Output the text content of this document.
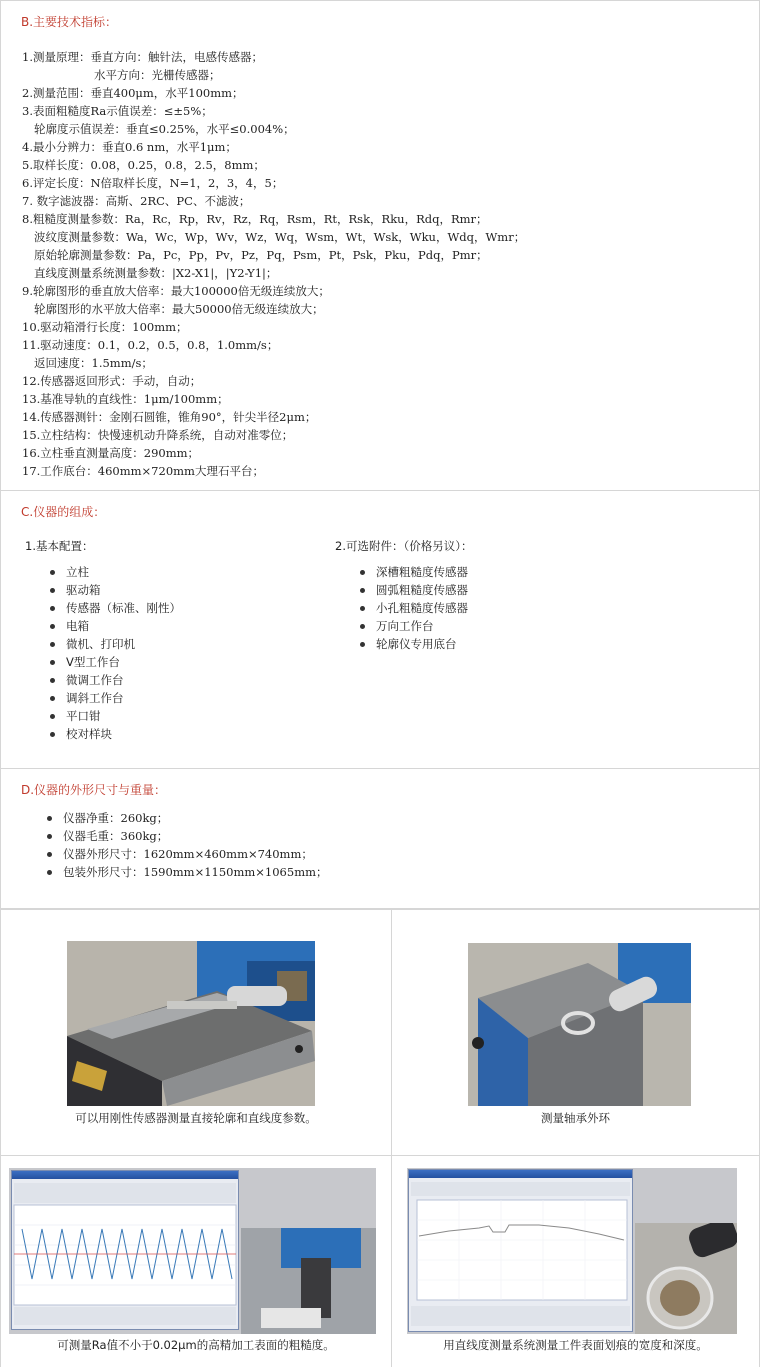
B.主要技术指标：
1.测量原理：垂直方向：触针法，电感传感器；
水平方向：光栅传感器；
2.测量范围：垂直400μm，水平100mm；
3.表面粗糙度Ra示值误差：≤±5%；
轮廓度示值误差：垂直≤0.25%，水平≤0.004%；
4.最小分辨力：垂直0.6 nm，水平1μm；
5.取样长度：0.08，0.25，0.8，2.5，8mm；
6.评定长度：N倍取样长度，N=1，2，3，4，5；
7. 数字滤波器：高斯、2RC、PC、不滤波；
8.粗糙度测量参数：Ra，Rc，Rp，Rv，Rz，Rq，Rsm，Rt，Rsk，Rku，Rdq，Rmr；
波纹度测量参数：Wa，Wc，Wp，Wv，Wz，Wq，Wsm，Wt，Wsk，Wku，Wdq，Wmr；
原始轮廓测量参数：Pa，Pc，Pp，Pv，Pz，Pq，Psm，Pt，Psk，Pku，Pdq，Pmr；
直线度测量系统测量参数：|X2-X1|，|Y2-Y1|；
9.轮廓图形的垂直放大倍率：最大100000倍无级连续放大；
轮廓图形的水平放大倍率：最大50000倍无级连续放大；
10.驱动箱滑行长度：100mm；
11.驱动速度：0.1，0.2，0.5，0.8，1.0mm/s；
返回速度：1.5mm/s；
12.传感器返回形式：手动，自动；
13.基准导轨的直线性：1μm/100mm；
14.传感器测针：金刚石圆锥，锥角90°，针尖半径2μm；
15.立柱结构：快慢速机动升降系统，自动对准零位；
16.立柱垂直测量高度：290mm；
17.工作底台：460mm×720mm大理石平台；
C.仪器的组成：
1.基本配置：
立柱
驱动箱
传感器（标准、刚性）
电箱
微机、打印机
V型工作台
微调工作台
调斜工作台
平口钳
校对样块
2.可选附件：（价格另议）：
深槽粗糙度传感器
圆弧粗糙度传感器
小孔粗糙度传感器
万向工作台
轮廓仪专用底台
D.仪器的外形尺寸与重量：
仪器净重：260kg；
仪器毛重：360kg；
仪器外形尺寸：1620mm×460mm×740mm；
包装外形尺寸：1590mm×1150mm×1065mm；
可以用刚性传感器测量直接轮廓和直线度参数。	测量轴承外环
可测量Ra值不小于0.02μm的高精加工表面的粗糙度。	用直线度测量系统测量工件表面划痕的宽度和深度。
